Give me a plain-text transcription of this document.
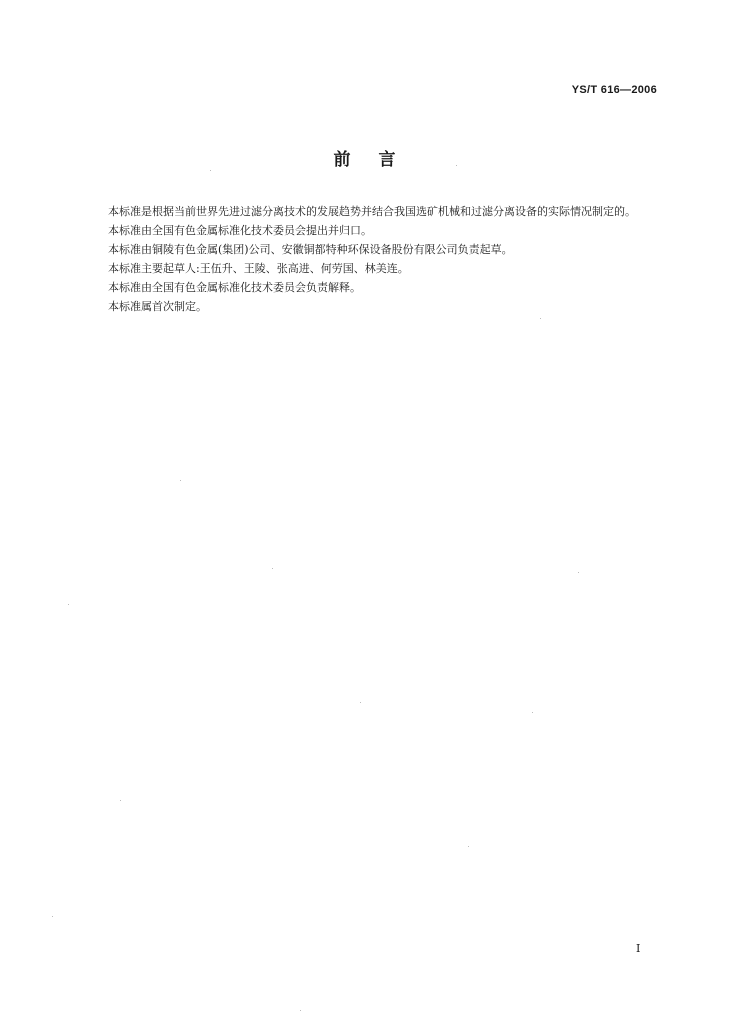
YS/T 616—2006
前 言

本标准是根据当前世界先进过滤分离技术的发展趋势并结合我国选矿机械和过滤分离设备的实际情况制定的。

本标准由全国有色金属标准化技术委员会提出并归口。

本标准由铜陵有色金属(集团)公司、安徽铜都特种环保设备股份有限公司负责起草。

本标准主要起草人:王伍升、王陵、张高进、何劳国、林美连。

本标准由全国有色金属标准化技术委员会负责解释。

本标准属首次制定。

I
